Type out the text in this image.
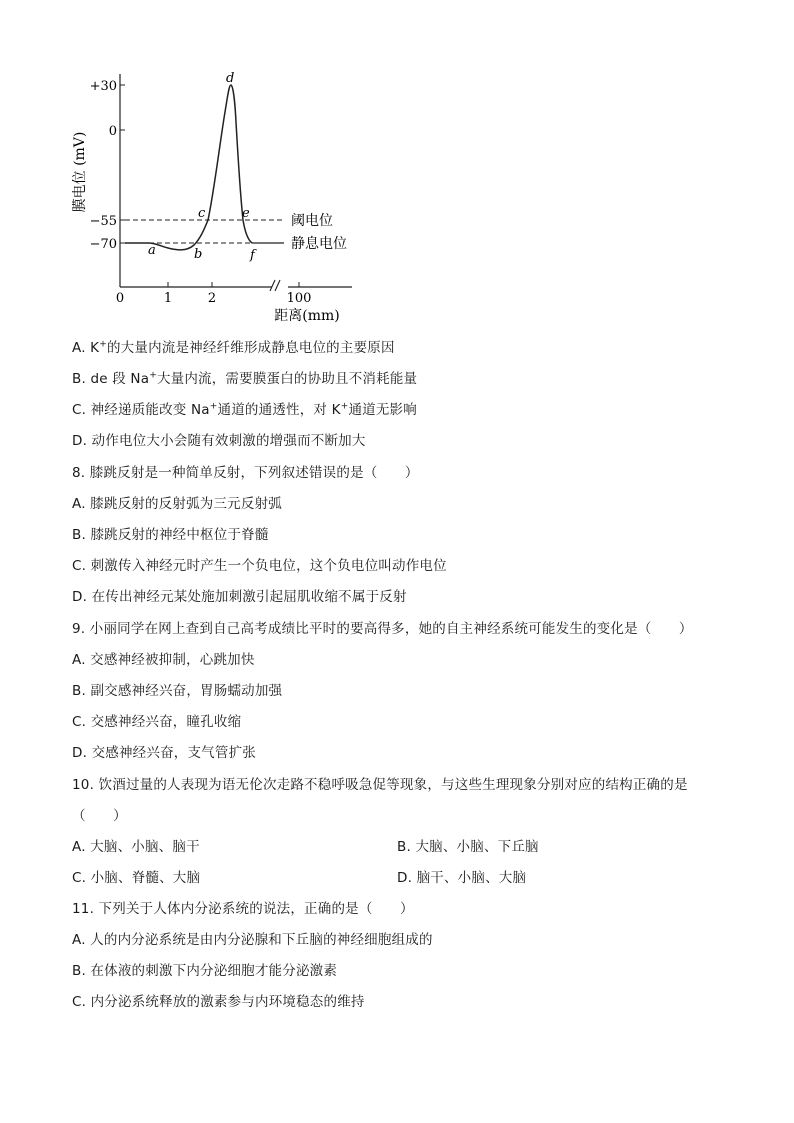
+30
0
−55
−70
0	1	2	100
膜电位 (mV)
距离(mm)
a	b
c
d
e
f
阈电位
静息电位
A. K+的大量内流是神经纤维形成静息电位的主要原因
B. de 段 Na+大量内流，需要膜蛋白的协助且不消耗能量
C. 神经递质能改变 Na+通道的通透性，对 K+通道无影响
D. 动作电位大小会随有效刺激的增强而不断加大
8. 膝跳反射是一种简单反射，下列叙述错误的是（　　）
A. 膝跳反射的反射弧为三元反射弧
B. 膝跳反射的神经中枢位于脊髓
C. 刺激传入神经元时产生一个负电位，这个负电位叫动作电位
D. 在传出神经元某处施加刺激引起屈肌收缩不属于反射
9. 小丽同学在网上查到自己高考成绩比平时的要高得多，她的自主神经系统可能发生的变化是（　　）
A. 交感神经被抑制，心跳加快
B. 副交感神经兴奋，胃肠蠕动加强
C. 交感神经兴奋，瞳孔收缩
D. 交感神经兴奋，支气管扩张
10. 饮酒过量的人表现为语无伦次走路不稳呼吸急促等现象，与这些生理现象分别对应的结构正确的是
（　　）
A. 大脑、小脑、脑干	B. 大脑、小脑、下丘脑
C. 小脑、脊髓、大脑	D. 脑干、小脑、大脑
11. 下列关于人体内分泌系统的说法，正确的是（　　）
A. 人的内分泌系统是由内分泌腺和下丘脑的神经细胞组成的
B. 在体液的刺激下内分泌细胞才能分泌激素
C. 内分泌系统释放的激素参与内环境稳态的维持
